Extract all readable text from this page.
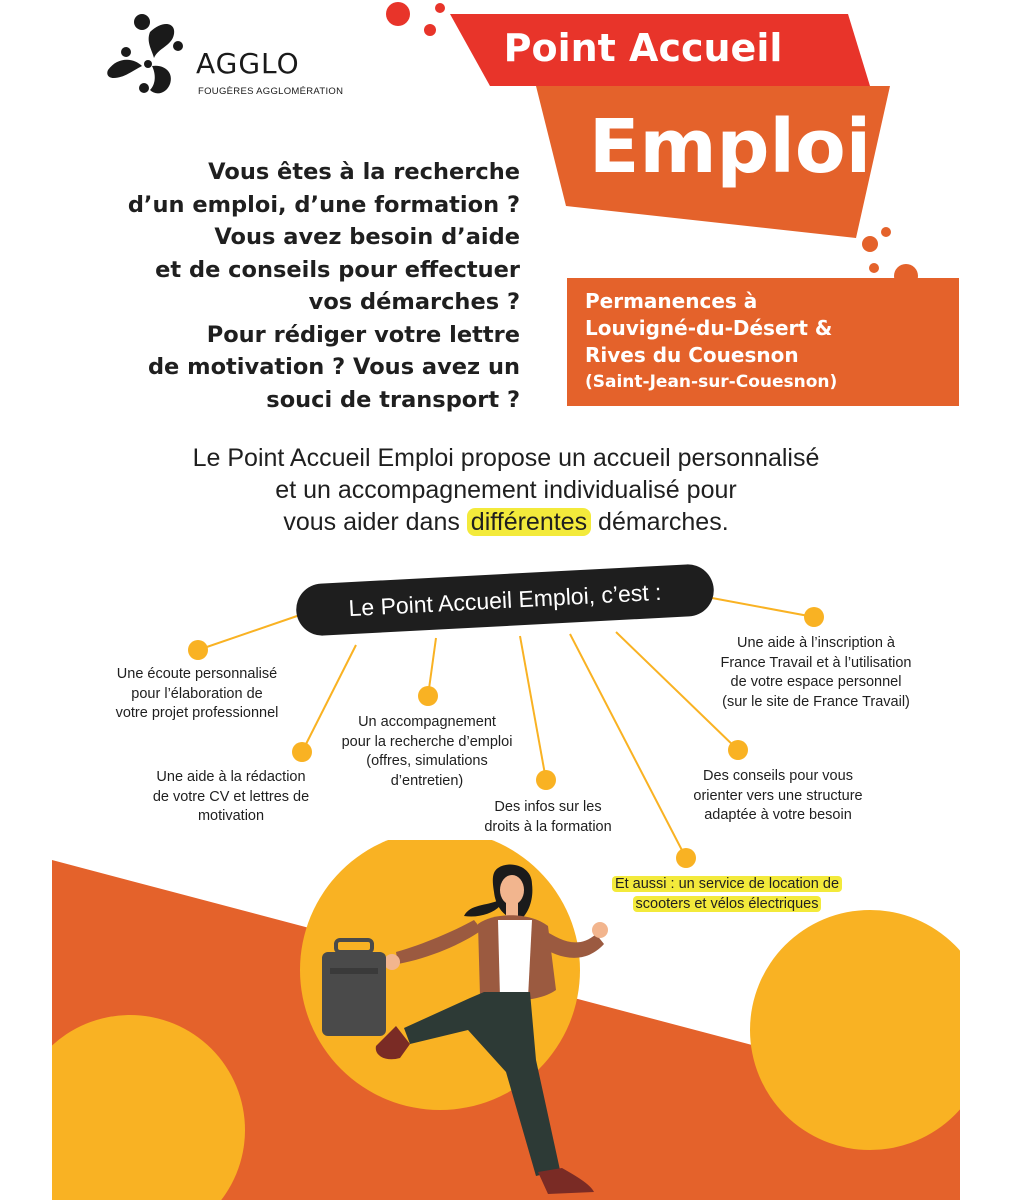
agglo
FOUGÈRES AGGLOMÉRATION
Point Accueil
Emploi
Permanences à
Louvigné-du-Désert &
Rives du Couesnon
(Saint-Jean-sur-Couesnon)
Vous êtes à la recherche
d’un emploi, d’une formation ?
Vous avez besoin d’aide
et de conseils pour effectuer
vos démarches ?
Pour rédiger votre lettre
de motivation ? Vous avez un
souci de transport ?
Le Point Accueil Emploi propose un accueil personnalisé
et un accompagnement individualisé pour
vous aider dans différentes démarches.
Le Point Accueil Emploi, c’est :
Une écoute personnalisé
pour l’élaboration de
votre projet professionnel
Une aide à la rédaction
de votre CV et lettres de
motivation
Un accompagnement
pour la recherche d’emploi
(offres, simulations
d’entretien)
Des infos sur les
droits à la formation
Une aide à l’inscription à
France Travail et à l’utilisation
de votre espace personnel
(sur le site de France Travail)
Des conseils pour vous
orienter vers une structure
adaptée à votre besoin
Et aussi : un service de location de
scooters et vélos électriques
